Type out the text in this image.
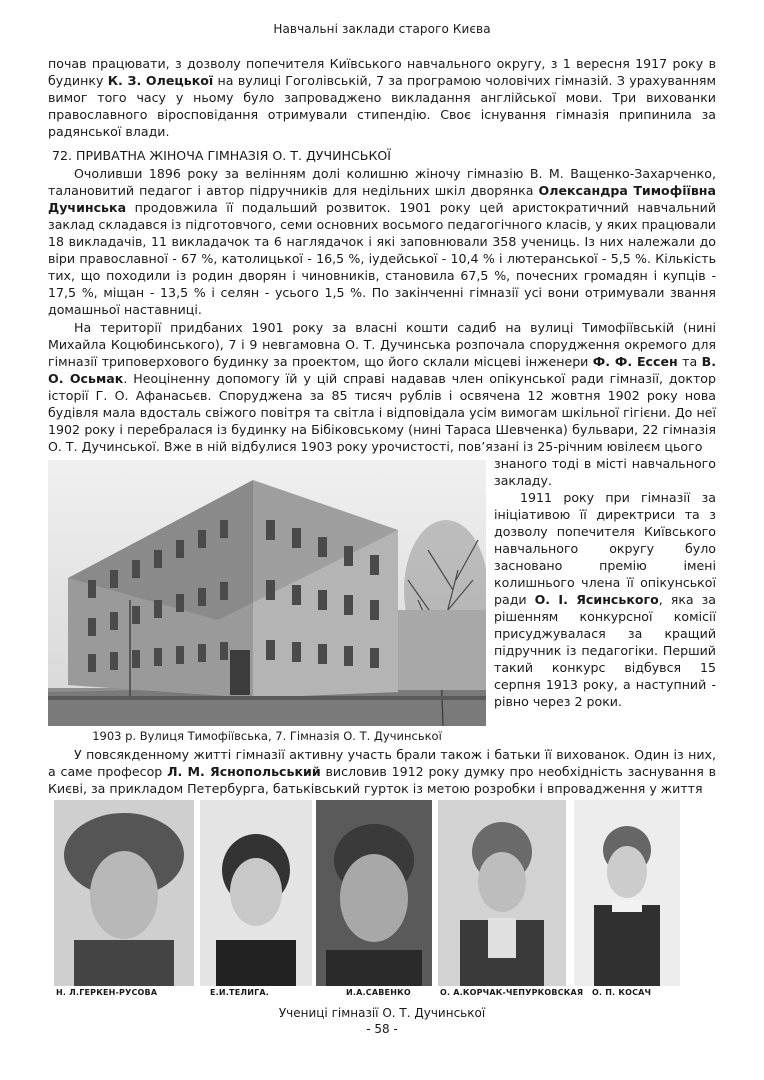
Навчальні заклади старого Києва

почав працювати, з дозволу попечителя Київського навчального округу, з 1 вересня 1917 року в будинку К. З. Олецької на вулиці Гоголівській, 7 за програмою чоловічих гімназій. З урахуванням вимог того часу у ньому було запроваджено викладання англійської мови. Три вихованки православного віросповідання отримували стипендію. Своє існування гімназія припинила за радянської влади.

72. ПРИВАТНА ЖІНОЧА ГІМНАЗІЯ О. Т. ДУЧИНСЬКОЇ

Очоливши 1896 року за велінням долі колишню жіночу гімназію В. М. Ващенко-Захарченко, талановитий педагог і автор підручників для недільних шкіл дворянка Олександра Тимофіївна Дучинська продовжила її подальший розвиток. 1901 року цей аристократичний навчальний заклад складався із підготовчого, семи основних восьмого педагогічного класів, у яких працювали 18 викладачів, 11 викладачок та 6 наглядачок і які заповнювали 358 учениць. Із них належали до віри православної - 67 %, католицької - 16,5 %, іудейської - 10,4 % і лютеранської - 5,5 %. Кількість тих, що походили із родин дворян і чиновників, становила 67,5 %, почесних громадян і купців - 17,5 %, міщан - 13,5 % і селян - усього 1,5 %. По закінченні гімназії усі вони отримували звання домашньої наставниці.

На території придбаних 1901 року за власні кошти садиб на вулиці Тимофіївській (нині Михайла Коцюбинського), 7 і 9 невгамовна О. Т. Дучинська розпочала спорудження окремого для гімназії триповерхового будинку за проектом, що його склали місцеві інженери Ф. Ф. Ессен та В. О. Осьмак. Неоціненну допомогу їй у цій справі надавав член опікунської ради гімназії, доктор історії Г. О. Афанасьєв. Споруджена за 85 тисяч рублів і освячена 12 жовтня 1902 року нова будівля мала вдосталь свіжого повітря та світла і відповідала усім вимогам шкільної гігієни. До неї 1902 року і перебралася із будинку на Бібіковському (нині Тараса Шевченка) бульвари, 22 гімназія О. Т. Дучинської. Вже в ній відбулися 1903 року урочистості, пов’язані із 25-річним ювілеєм цього

знаного тоді в місті навчального закладу.

1911 року при гімназії за ініціативою її директриси та з дозволу попечителя Київського навчального округу було засновано премію імені колишнього члена її опікунської ради О. І. Ясинського, яка за рішенням конкурсної комісії присуджувалася за кращий підручник із педагогіки. Перший такий конкурс відбувся 15 серпня 1913 року, а наступний - рівно через 2 роки.

1903 р. Вулиця Тимофіївська, 7. Гімназія О. Т. Дучинської

У повсякденному житті гімназії активну участь брали також і батьки її вихованок. Один із них, а саме професор Л. М. Яснопольський висловив 1912 року думку про необхідність заснування в Києві, за прикладом Петербурга, батьківський гурток із метою розробки і впровадження у життя

Н. Л.ГЕРКЕН-РУСОВА	Е.И.ТЕЛИГА.	И.А.САВЕНКО	О. А.КОРЧАК-ЧЕПУРКОВСКАЯ О. П. КОСАЧ
Учениці гімназії О. Т. Дучинської
- 58 -
